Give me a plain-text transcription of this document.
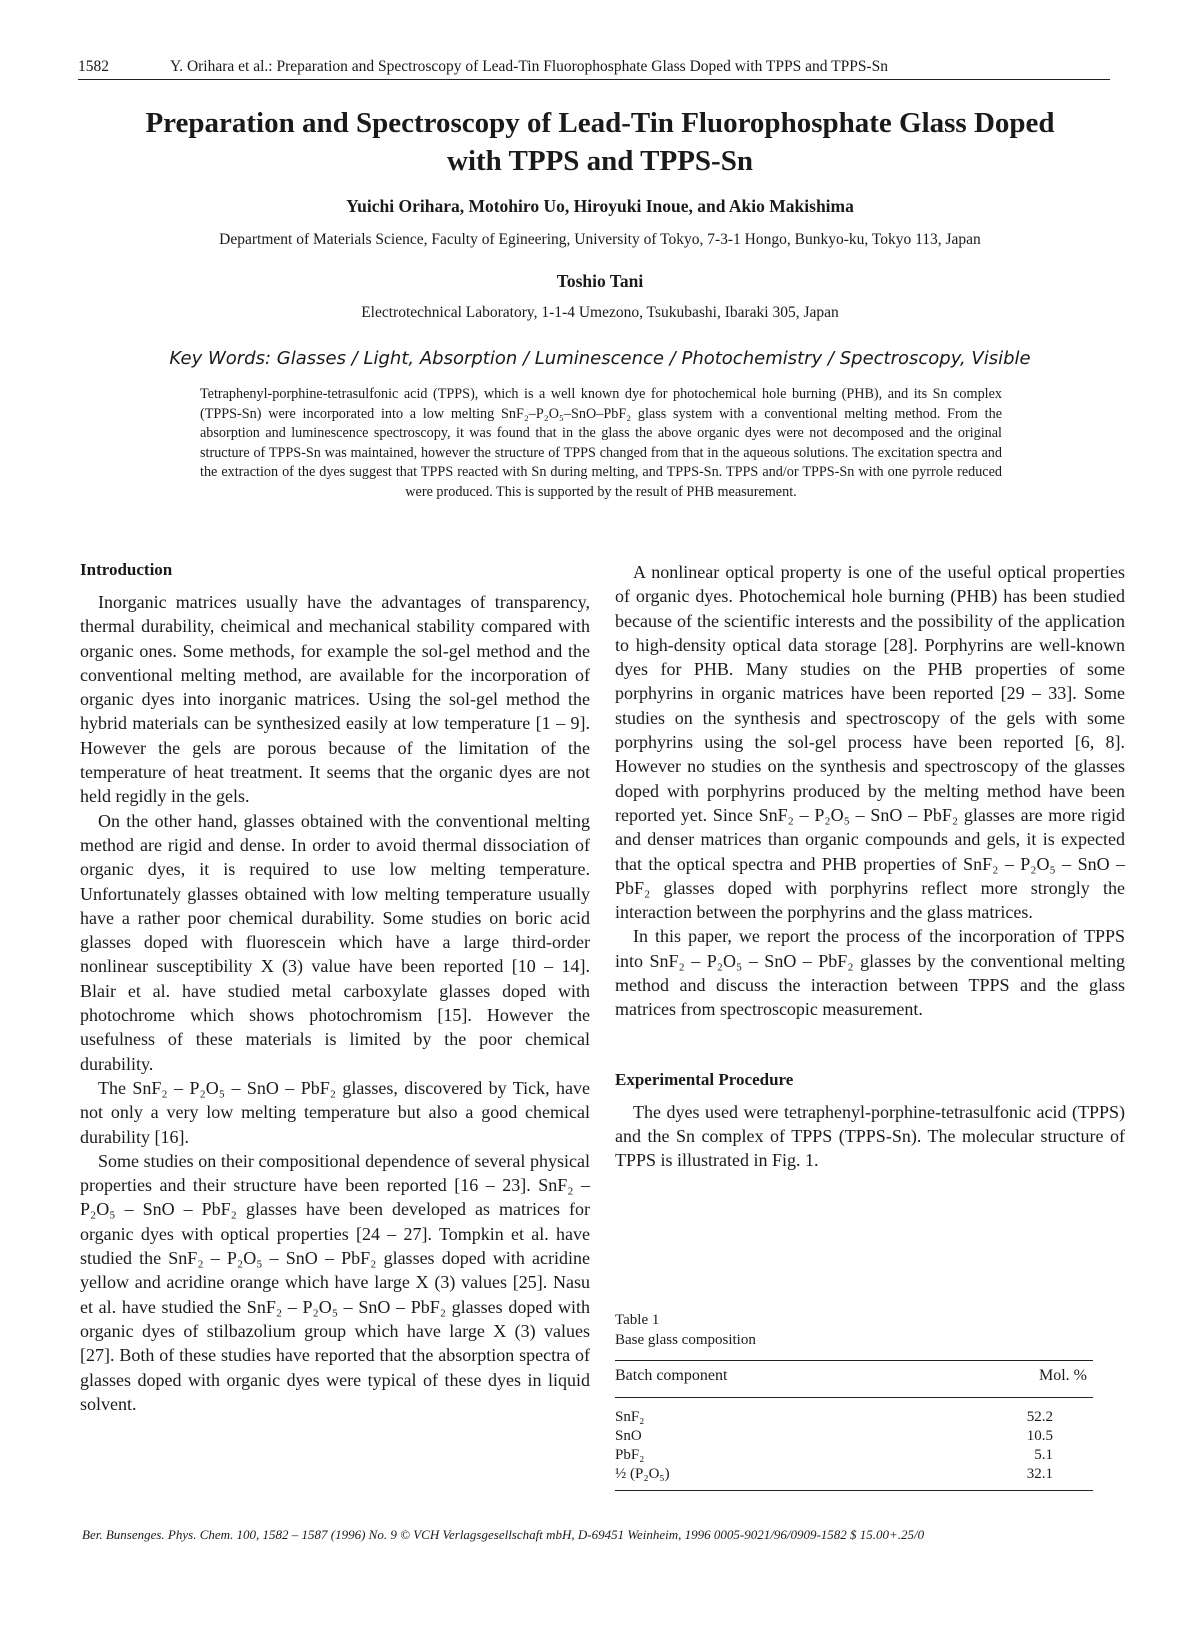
1582	Y. Orihara et al.: Preparation and Spectroscopy of Lead-Tin Fluorophosphate Glass Doped with TPPS and TPPS-Sn
Preparation and Spectroscopy of Lead-Tin Fluorophosphate Glass Doped
with TPPS and TPPS-Sn
Yuichi Orihara, Motohiro Uo, Hiroyuki Inoue, and Akio Makishima
Department of Materials Science, Faculty of Egineering, University of Tokyo, 7-3-1 Hongo, Bunkyo-ku, Tokyo 113, Japan
Toshio Tani
Electrotechnical Laboratory, 1-1-4 Umezono, Tsukubashi, Ibaraki 305, Japan
Key Words: Glasses / Light, Absorption / Luminescence / Photochemistry / Spectroscopy, Visible
Tetraphenyl-porphine-tetrasulfonic acid (TPPS), which is a well known dye for photochemical hole burning (PHB), and its Sn complex (TPPS-Sn) were incorporated into a low melting SnF₂–P₂O₅–SnO–PbF₂ glass system with a conventional melting method. From the absorption and luminescence spectroscopy, it was found that in the glass the above organic dyes were not decomposed and the original structure of TPPS-Sn was maintained, however the structure of TPPS changed from that in the aqueous solutions. The excitation spectra and the extraction of the dyes suggest that TPPS reacted with Sn during melting, and TPPS-Sn. TPPS and/or TPPS-Sn with one pyrrole reduced were produced. This is supported by the result of PHB measurement.
Introduction

Inorganic matrices usually have the advantages of transparency, thermal durability, cheimical and mechanical stability compared with organic ones. Some methods, for example the sol-gel method and the conventional melting method, are available for the incorporation of organic dyes into inorganic matrices. Using the sol-gel method the hybrid materials can be synthesized easily at low temperature [1 – 9]. However the gels are porous because of the limitation of the temperature of heat treatment. It seems that the organic dyes are not held regidly in the gels.

On the other hand, glasses obtained with the conventional melting method are rigid and dense. In order to avoid thermal dissociation of organic dyes, it is required to use low melting temperature. Unfortunately glasses obtained with low melting temperature usually have a rather poor chemical durability. Some studies on boric acid glasses doped with fluorescein which have a large third-order nonlinear susceptibility X (3) value have been reported [10 – 14]. Blair et al. have studied metal carboxylate glasses doped with photochrome which shows photochromism [15]. However the usefulness of these materials is limited by the poor chemical durability.

The SnF₂ – P₂O₅ – SnO – PbF₂ glasses, discovered by Tick, have not only a very low melting temperature but also a good chemical durability [16].

Some studies on their compositional dependence of several physical properties and their structure have been reported [16 – 23]. SnF₂ – P₂O₅ – SnO – PbF₂ glasses have been developed as matrices for organic dyes with optical properties [24 – 27]. Tompkin et al. have studied the SnF₂ – P₂O₅ – SnO – PbF₂ glasses doped with acridine yellow and acridine orange which have large X (3) values [25]. Nasu et al. have studied the SnF₂ – P₂O₅ – SnO – PbF₂ glasses doped with organic dyes of stilbazolium group which have large X (3) values [27]. Both of these studies have reported that the absorption spectra of glasses doped with organic dyes were typical of these dyes in liquid solvent.

A nonlinear optical property is one of the useful optical properties of organic dyes. Photochemical hole burning (PHB) has been studied because of the scientific interests and the possibility of the application to high-density optical data storage [28]. Porphyrins are well-known dyes for PHB. Many studies on the PHB properties of some porphyrins in organic matrices have been reported [29 – 33]. Some studies on the synthesis and spectroscopy of the gels with some porphyrins using the sol-gel process have been reported [6, 8]. However no studies on the synthesis and spectroscopy of the glasses doped with porphyrins produced by the melting method have been reported yet. Since SnF₂ – P₂O₅ – SnO – PbF₂ glasses are more rigid and denser matrices than organic compounds and gels, it is expected that the optical spectra and PHB properties of SnF₂ – P₂O₅ – SnO – PbF₂ glasses doped with porphyrins reflect more strongly the interaction between the porphyrins and the glass matrices.

In this paper, we report the process of the incorporation of TPPS into SnF₂ – P₂O₅ – SnO – PbF₂ glasses by the conventional melting method and discuss the interaction between TPPS and the glass matrices from spectroscopic measurement.

Experimental Procedure

The dyes used were tetraphenyl-porphine-tetrasulfonic acid (TPPS) and the Sn complex of TPPS (TPPS-Sn). The molecular structure of TPPS is illustrated in Fig. 1.

Table 1
Base glass composition
Batch component	Mol. %
SnF₂	52.2
SnO	10.5
PbF₂	5.1
½ (P₂O₅)	32.1
Ber. Bunsenges. Phys. Chem. 100, 1582 – 1587 (1996) No. 9 © VCH Verlagsgesellschaft mbH, D-69451 Weinheim, 1996 0005-9021/96/0909-1582 $ 15.00+.25/0
